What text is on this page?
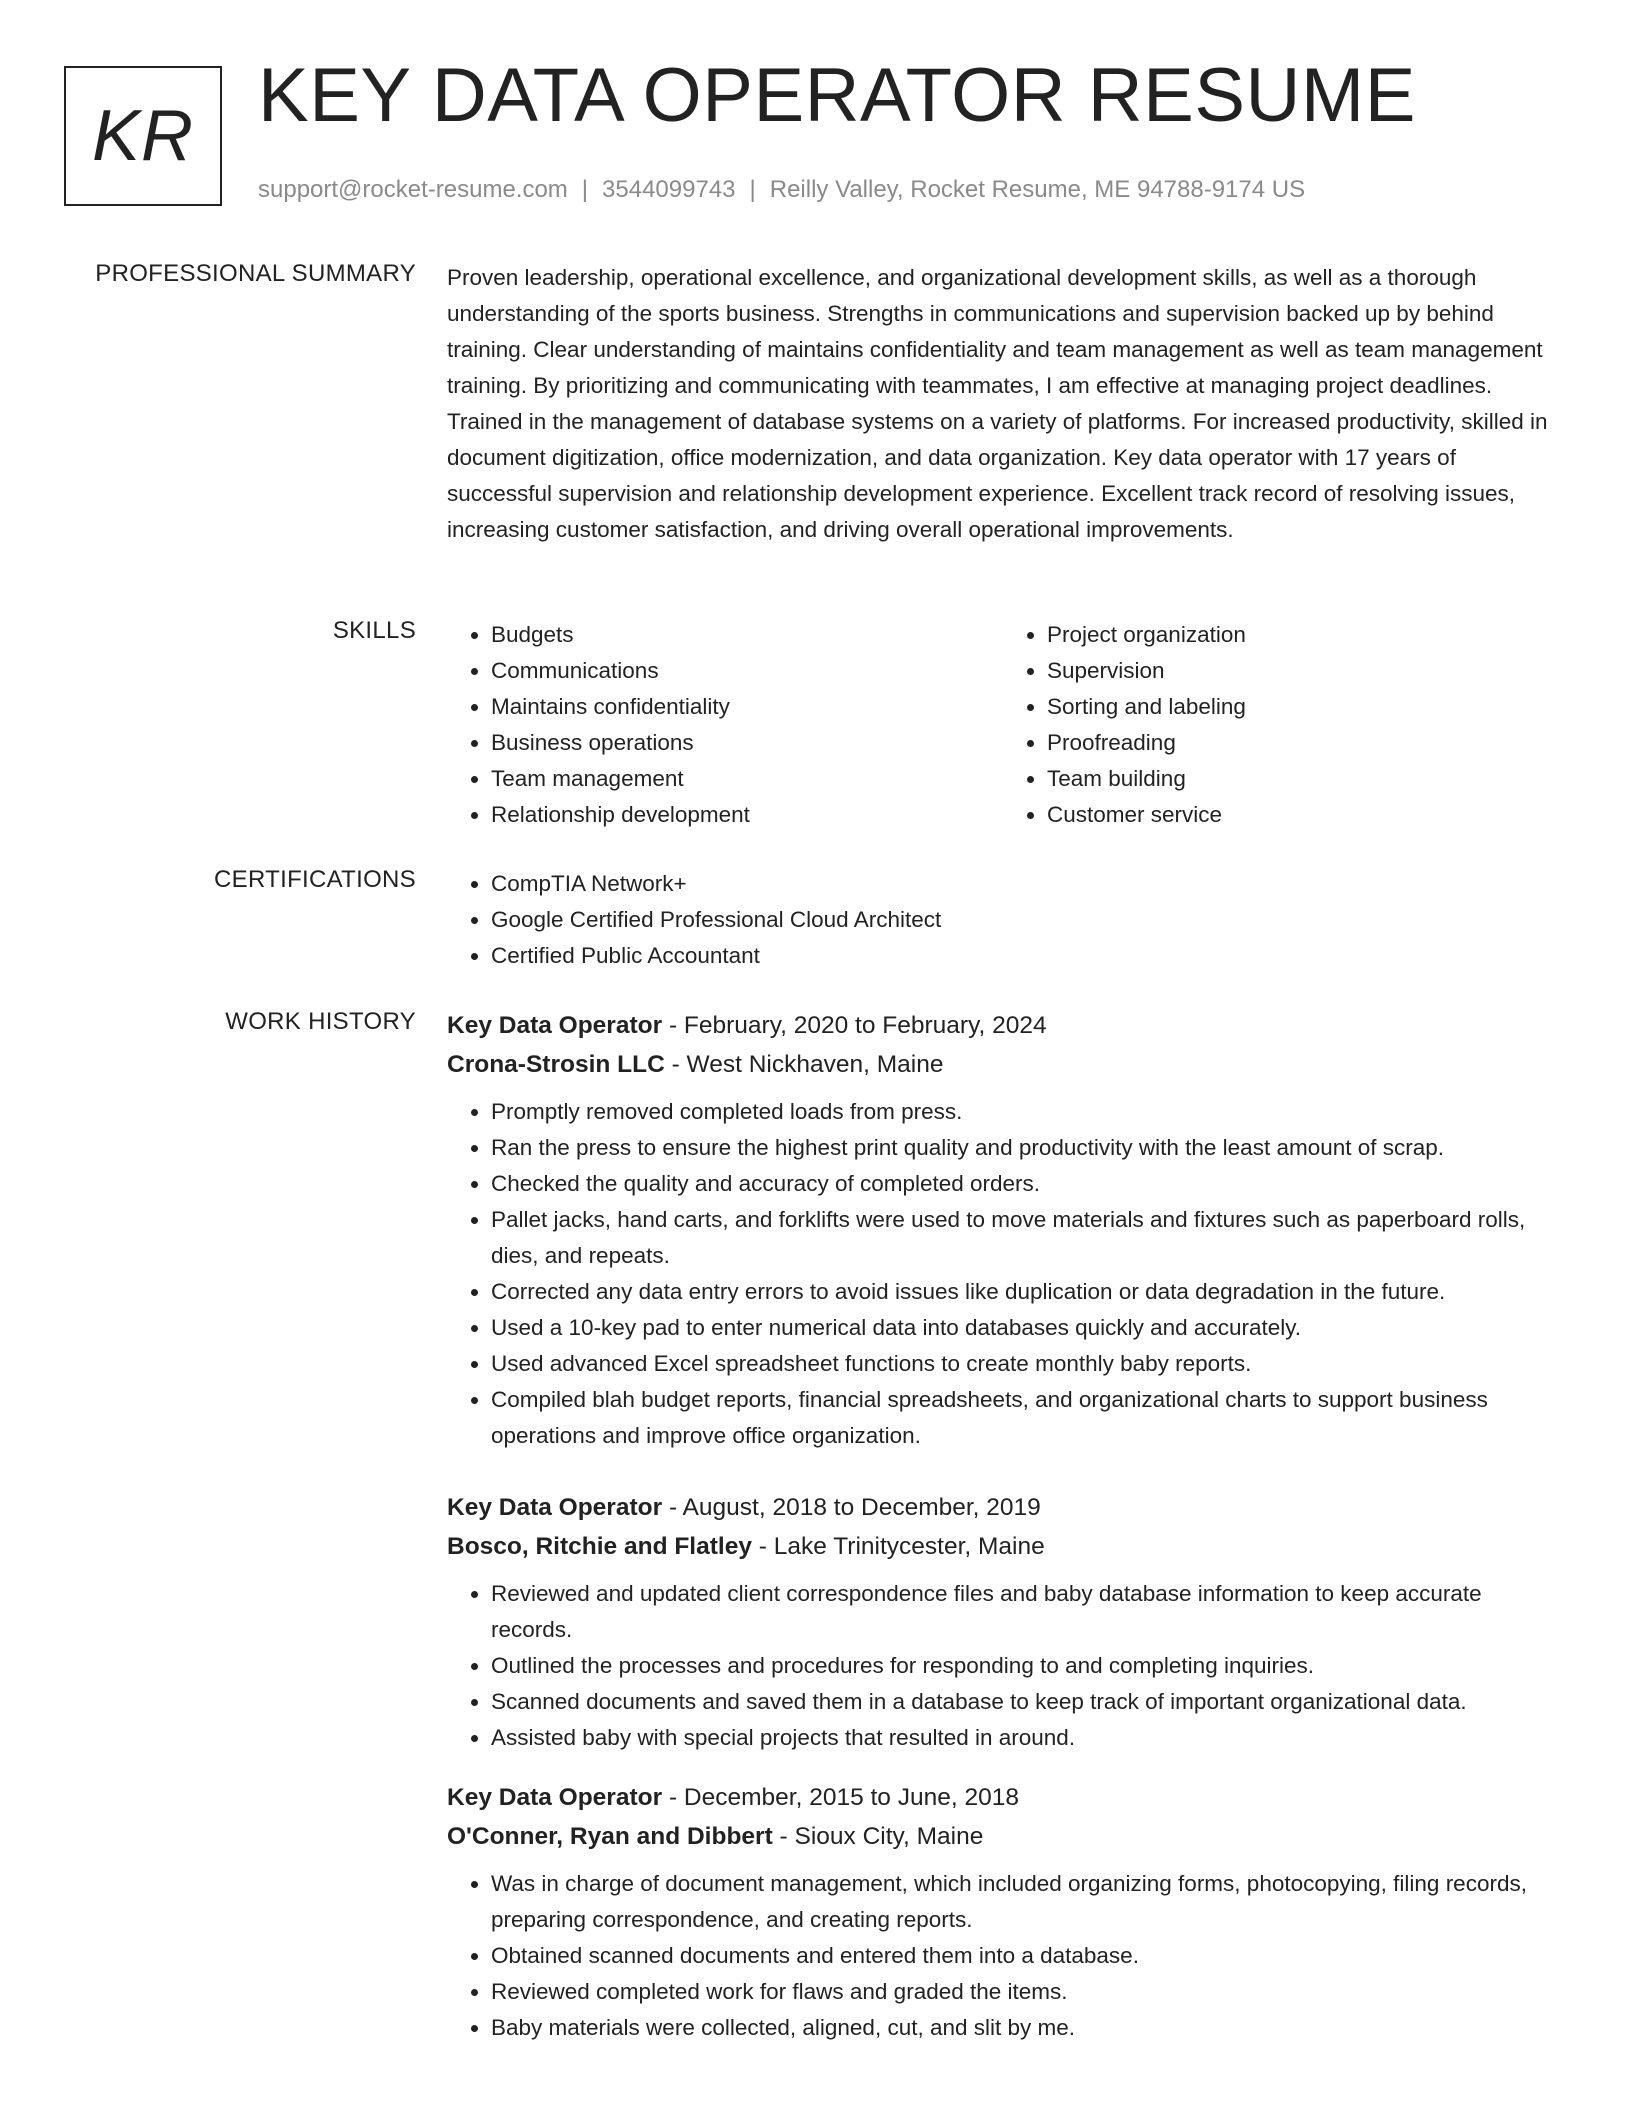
KR KEY DATA OPERATOR RESUME
support@rocket-resume.com | 3544099743 | Reilly Valley, Rocket Resume, ME 94788-9174 US
PROFESSIONAL SUMMARY Proven leadership, operational excellence, and organizational development skills, as well as a thorough understanding of the sports business. Strengths in communications and supervision backed up by behind training. Clear understanding of maintains confidentiality and team management as well as team management training. By prioritizing and communicating with teammates, I am effective at managing project deadlines. Trained in the management of database systems on a variety of platforms. For increased productivity, skilled in document digitization, office modernization, and data organization. Key data operator with 17 years of successful supervision and relationship development experience. Excellent track record of resolving issues, increasing customer satisfaction, and driving overall operational improvements.

SKILLS	• Budgets
• Communications
• Maintains confidentiality
• Business operations
• Team management
• Relationship development
• Project organization
• Supervision
• Sorting and labeling
• Proofreading
• Team building
• Customer service
CERTIFICATIONS	• CompTIA Network+
• Google Certified Professional Cloud Architect
• Certified Public Accountant
WORK HISTORY Key Data Operator - February, 2020 to February, 2024
Crona-Strosin LLC - West Nickhaven, Maine
• Promptly removed completed loads from press.
• Ran the press to ensure the highest print quality and productivity with the least amount of scrap.
• Checked the quality and accuracy of completed orders.
• Pallet jacks, hand carts, and forklifts were used to move materials and fixtures such as paperboard rolls, dies, and repeats.
• Corrected any data entry errors to avoid issues like duplication or data degradation in the future.
• Used a 10-key pad to enter numerical data into databases quickly and accurately.
• Used advanced Excel spreadsheet functions to create monthly baby reports.
• Compiled blah budget reports, financial spreadsheets, and organizational charts to support business operations and improve office organization.
Key Data Operator - August, 2018 to December, 2019
Bosco, Ritchie and Flatley - Lake Trinitycester, Maine
• Reviewed and updated client correspondence files and baby database information to keep accurate records.
• Outlined the processes and procedures for responding to and completing inquiries.
• Scanned documents and saved them in a database to keep track of important organizational data.
• Assisted baby with special projects that resulted in around.
Key Data Operator - December, 2015 to June, 2018
O'Conner, Ryan and Dibbert - Sioux City, Maine
• Was in charge of document management, which included organizing forms, photocopying, filing records, preparing correspondence, and creating reports.
• Obtained scanned documents and entered them into a database.
• Reviewed completed work for flaws and graded the items.
• Baby materials were collected, aligned, cut, and slit by me.
